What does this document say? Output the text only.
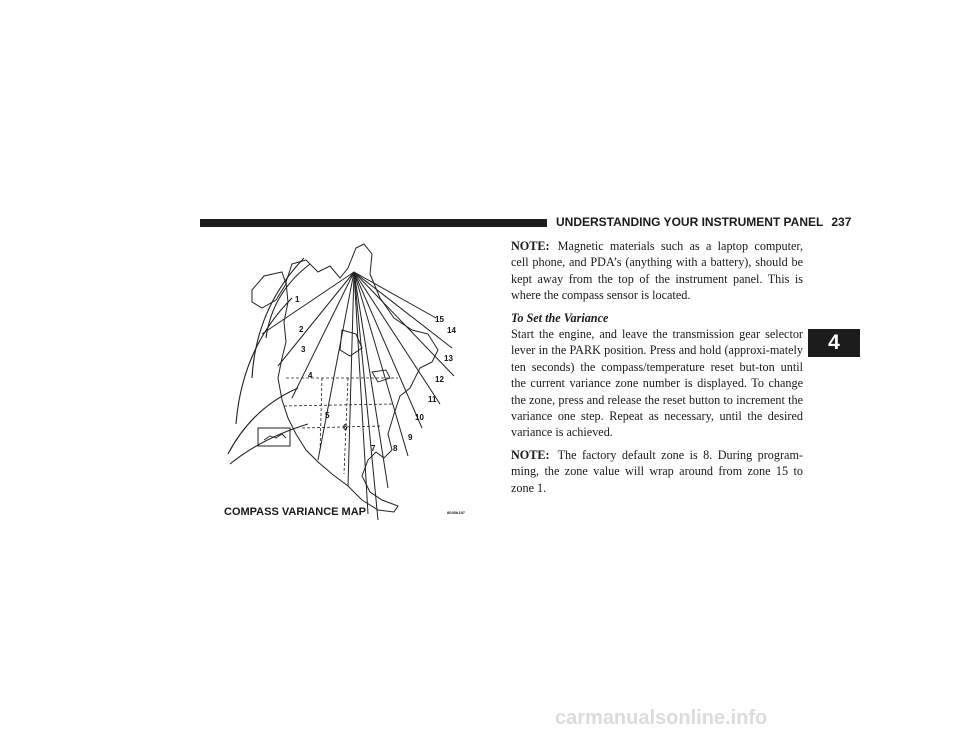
UNDERSTANDING YOUR INSTRUMENT PANEL 237
4
1
2
3
4
5
6
7 8
9
10
11
12
13
14
15
COMPASS VARIANCE MAP	8045b197

NOTE: Magnetic materials such as a laptop computer, cell phone, and PDA’s (anything with a battery), should be kept away from the top of the instrument panel. This is where the compass sensor is located.

To Set the Variance

Start the engine, and leave the transmission gear selector lever in the PARK position. Press and hold (approxi-mately ten seconds) the compass/temperature reset but-ton until the current variance zone number is displayed. To change the zone, press and release the reset button to increment the variance one step. Repeat as necessary, until the desired variance is achieved.

NOTE: The factory default zone is 8. During program-ming, the zone value will wrap around from zone 15 to zone 1.

carmanualsonline.info
